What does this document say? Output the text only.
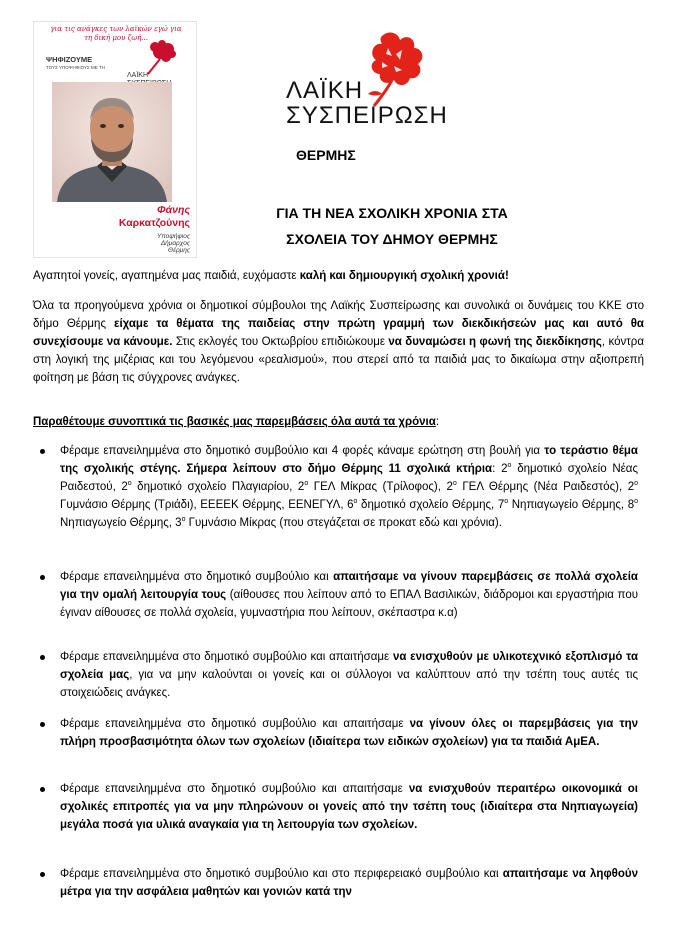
για τις ανάγκες των λαϊκών εγώ για τη δική μου ζωή...

ΨΗΦΙΖΟΥΜΕ

ΤΟΥΣ ΥΠΟΨΗΦΙΟΥΣ ΜΕ ΤΗ

ΛΑΪΚΗ

Φάνης

Καρκατζούνης

Υποψήφιος
Δήμαρχος
Θέρμης

ΛΑΪΚΗ
ΣΥΣΠΕΙΡΩΣΗ

ΘΕΡΜΗΣ

ΓΙΑ ΤΗ ΝΕΑ ΣΧΟΛΙΚΗ ΧΡΟΝΙΑ ΣΤΑ
ΣΧΟΛΕΙΑ ΤΟΥ ΔΗΜΟΥ ΘΕΡΜΗΣ

Αγαπητοί γονείς, αγαπημένα μας παιδιά, ευχόμαστε καλή και δημιουργική σχολική χρονιά!

Όλα τα προηγούμενα χρόνια οι δημοτικοί σύμβουλοι της Λαϊκής Συσπείρωσης και συνολικά οι δυνάμεις του ΚΚΕ στο δήμο Θέρμης είχαμε τα θέματα της παιδείας στην πρώτη γραμμή των διεκδικήσεών μας και αυτό θα συνεχίσουμε να κάνουμε. Στις εκλογές του Οκτωβρίου επιδιώκουμε να δυναμώσει η φωνή της διεκδίκησης, κόντρα στη λογική της μιζέριας και του λεγόμενου «ρεαλισμού», που στερεί από τα παιδιά μας το δικαίωμα στην αξιοπρεπή φοίτηση με βάση τις σύγχρονες ανάγκες.

Παραθέτουμε συνοπτικά τις βασικές μας παρεμβάσεις όλα αυτά τα χρόνια:

Φέραμε επανειλημμένα στο δημοτικό συμβούλιο και 4 φορές κάναμε ερώτηση στη βουλή για το τεράστιο θέμα της σχολικής στέγης. Σήμερα λείπουν στο δήμο Θέρμης 11 σχολικά κτήρια: $2^o$ δημοτικό σχολείο Νέας Ραιδεστού, $2^o$ δημοτικό σχολείο Πλαγιαρίου, $2^o$ ΓΕΛ Μίκρας (Τρίλοφος), $2^o$ ΓΕΛ Θέρμης (Νέα Ραιδεστός), $2^o$ Γυμνάσιο Θέρμης (Τριάδι), ΕΕΕΕΚ Θέρμης, ΕΕΝΕΓΥΛ, $6^o$ δημοτικό σχολείο Θέρμης, $7^o$ Νηπιαγωγείο Θέρμης, $8^o$ Νηπιαγωγείο Θέρμης, $3^o$ Γυμνάσιο Μίκρας (που στεγάζεται σε προκατ εδώ και χρόνια).
Φέραμε επανειλημμένα στο δημοτικό συμβούλιο και απαιτήσαμε να γίνουν παρεμβάσεις σε πολλά σχολεία για την ομαλή λειτουργία τους (αίθουσες που λείπουν από το ΕΠΑΛ Βασιλικών, διάδρομοι και εργαστήρια που έγιναν αίθουσες σε πολλά σχολεία, γυμναστήρια που λείπουν, σκέπαστρα κ.α)
Φέραμε επανειλημμένα στο δημοτικό συμβούλιο και απαιτήσαμε να ενισχυθούν με υλικοτεχνικό εξοπλισμό τα σχολεία μας, για να μην καλούνται οι γονείς και οι σύλλογοι να καλύπτουν από την τσέπη τους αυτές τις στοιχειώδεις ανάγκες.
Φέραμε επανειλημμένα στο δημοτικό συμβούλιο και απαιτήσαμε να γίνουν όλες οι παρεμβάσεις για την πλήρη προσβασιμότητα όλων των σχολείων (ιδιαίτερα των ειδικών σχολείων) για τα παιδιά ΑμΕΑ.
Φέραμε επανειλημμένα στο δημοτικό συμβούλιο και απαιτήσαμε να ενισχυθούν περαιτέρω οικονομικά οι σχολικές επιτροπές για να μην πληρώνουν οι γονείς από την τσέπη τους (ιδιαίτερα στα Νηπιαγωγεία) μεγάλα ποσά για υλικά αναγκαία για τη λειτουργία των σχολείων.
Φέραμε επανειλημμένα στο δημοτικό συμβούλιο και στο περιφερειακό συμβούλιο και απαιτήσαμε να ληφθούν μέτρα για την ασφάλεια μαθητών και γονιών κατά την
